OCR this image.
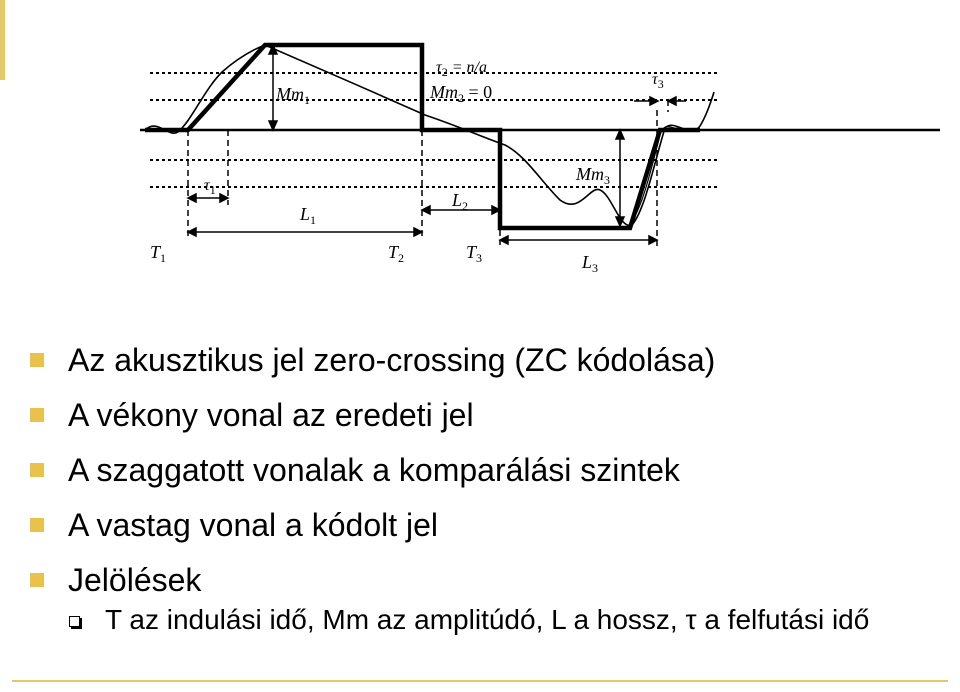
$Mm_1$
$\tau_2 = n/a$
$Mm_2 = 0$
$\tau_3$
$Mm_3$
$\tau_1$
$L_1$
$L_2$
$L_3$
$T_1$	$T_2$	$T_3$
Az akusztikus jel zero-crossing (ZC kódolása)
A vékony vonal az eredeti jel
A szaggatott vonalak a komparálási szintek
A vastag vonal a kódolt jel
Jelölések
T az indulási idő, Mm az amplitúdó, L a hossz, τ a felfutási idő
